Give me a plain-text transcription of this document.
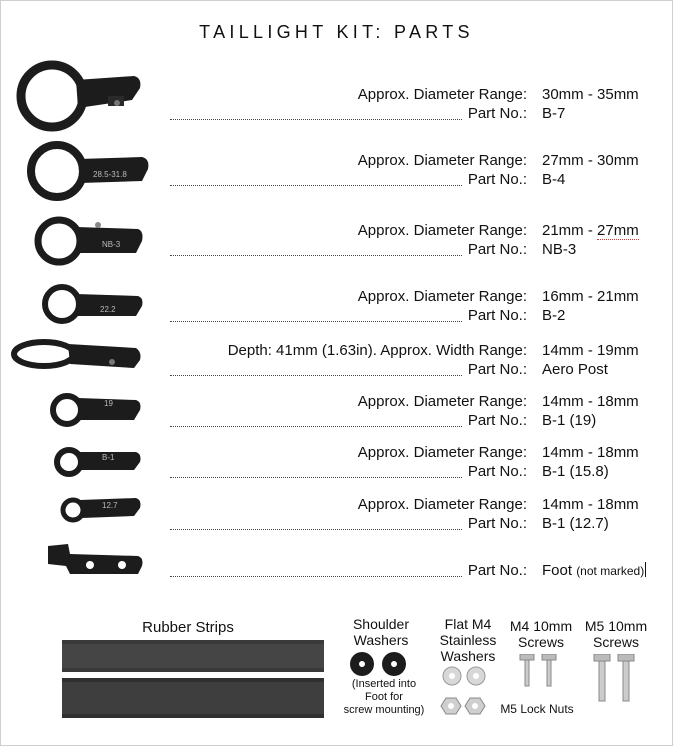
TAILLIGHT KIT: PARTS
28.5-31.8
NB-3
22.2
19
B-1
12.7
Approx. Diameter Range: 30mm - 35mm
Part No.: B-7
Approx. Diameter Range: 27mm - 30mm
Part No.: B-4
Approx. Diameter Range: 21mm - 27mm
Part No.: NB-3
Approx. Diameter Range: 16mm - 21mm
Part No.: B-2
Depth: 41mm (1.63in). Approx. Width Range: 14mm - 19mm
Part No.: Aero Post
Approx. Diameter Range: 14mm - 18mm
Part No.: B-1 (19)
Approx. Diameter Range: 14mm - 18mm
Part No.: B-1 (15.8)
Approx. Diameter Range: 14mm - 18mm
Part No.: B-1 (12.7)
Part No.: Foot (not marked)
Rubber Strips	Shoulder
Washers
(Inserted into
Foot for
screw mounting)
Flat M4
Stainless
Washers
M4 10mm
Screws
M5 10mm
Screws
M5 Lock Nuts
